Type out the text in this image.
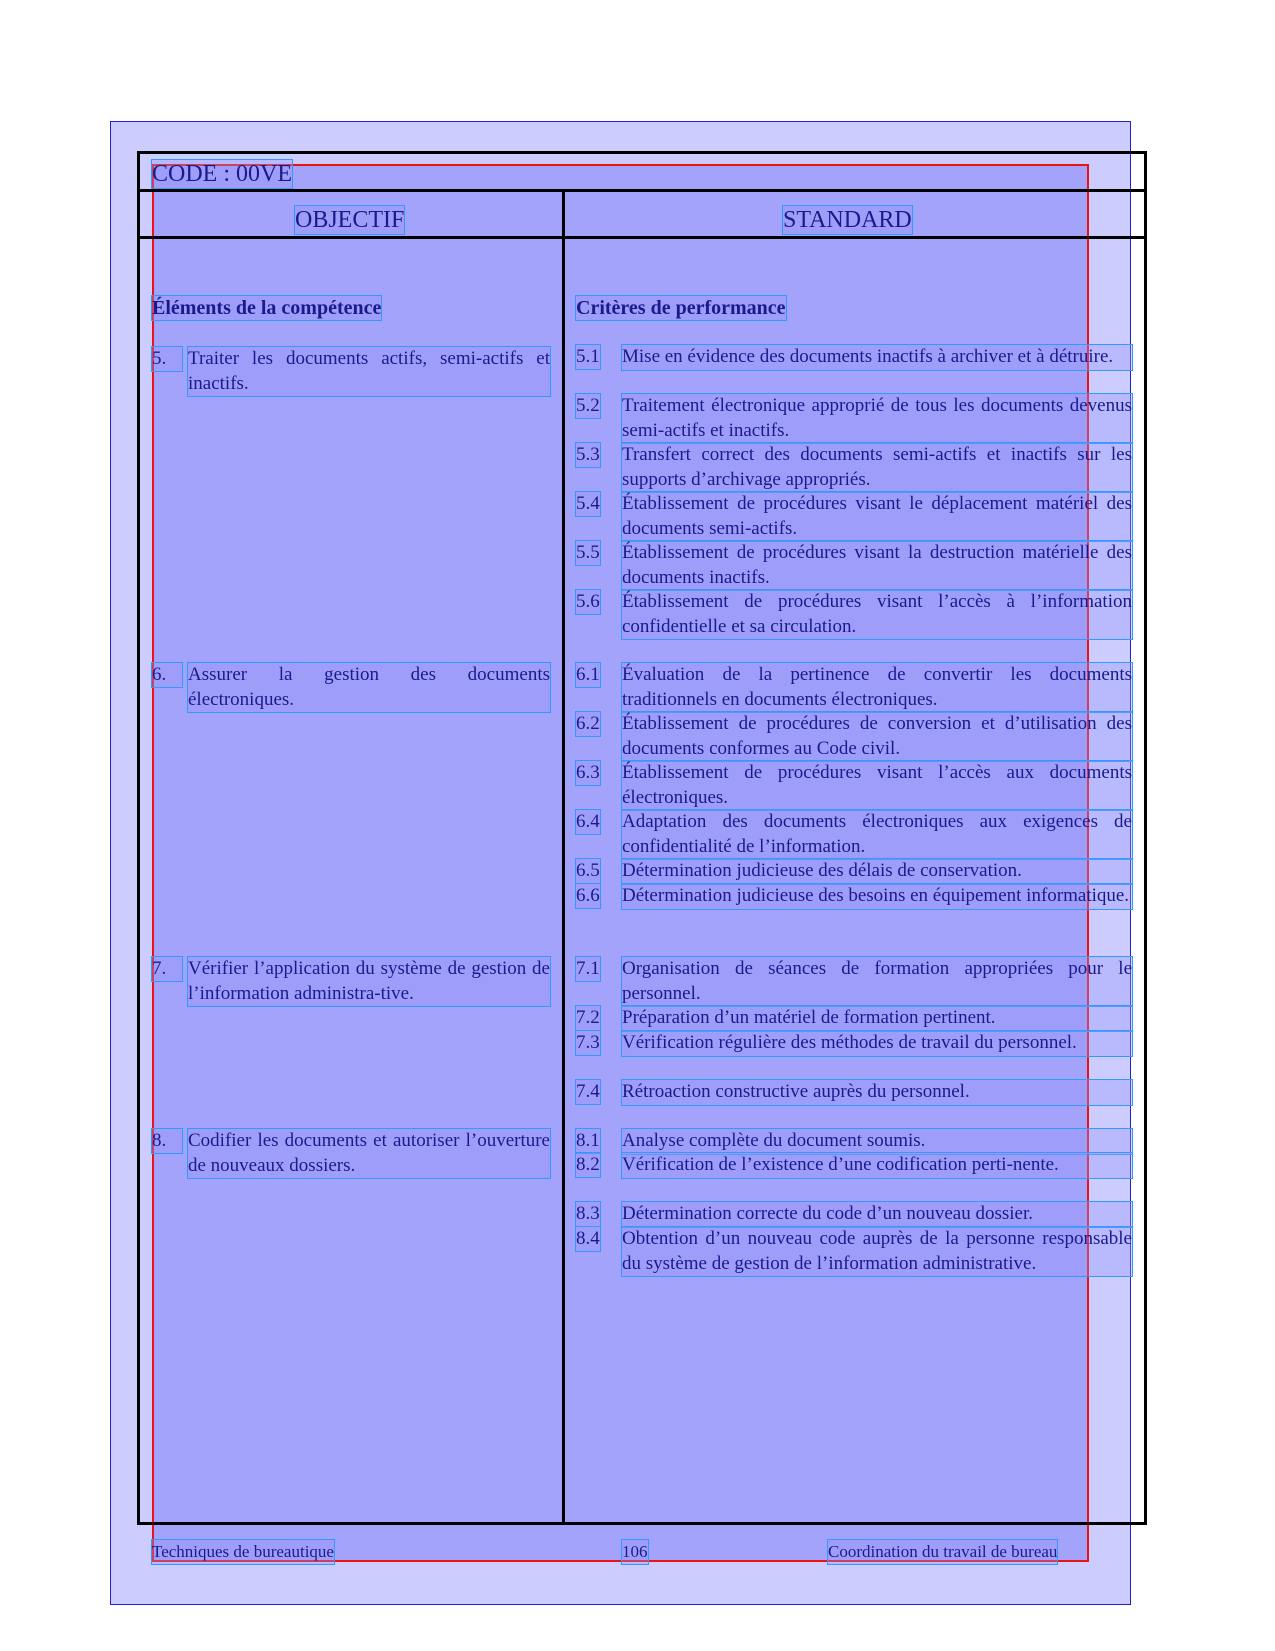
CODE : 00VE
OBJECTIF	STANDARD
Éléments de la compétence	Critères de performance
5.	Traiter les documents actifs, semi-actifs et inactifs.
5.1 Mise en évidence des documents inactifs à archiver et à détruire.
5.2 Traitement électronique approprié de tous les documents devenus semi-actifs et inactifs.
5.3 Transfert correct des documents semi-actifs et inactifs sur les supports d’archivage appropriés.
5.4 Établissement de procédures visant le déplacement matériel des documents semi-actifs.
5.5 Établissement de procédures visant la destruction matérielle des documents inactifs.
5.6 Établissement de procédures visant l’accès à l’information confidentielle et sa circulation.
6.	Assurer la gestion des documents électroniques.
6.1 Évaluation de la pertinence de convertir les documents traditionnels en documents électroniques.
6.2 Établissement de procédures de conversion et d’utilisation des documents conformes au Code civil.
6.3 Établissement de procédures visant l’accès aux documents électroniques.
6.4 Adaptation des documents électroniques aux exigences de confidentialité de l’information.
6.5 Détermination judicieuse des délais de conservation.
6.6 Détermination judicieuse des besoins en équipement informatique.
7.	Vérifier l’application du système de gestion de l’information administra-tive.
7.1 Organisation de séances de formation appropriées pour le personnel.
7.2 Préparation d’un matériel de formation pertinent.
7.3 Vérification régulière des méthodes de travail du personnel.
7.4 Rétroaction constructive auprès du personnel.
8.	Codifier les documents et autoriser l’ouverture de nouveaux dossiers.
8.1 Analyse complète du document soumis.
8.2 Vérification de l’existence d’une codification perti-nente.
8.3 Détermination correcte du code d’un nouveau dossier.
8.4 Obtention d’un nouveau code auprès de la personne responsable du système de gestion de l’information administrative.
Techniques de bureautique	106	Coordination du travail de bureau
